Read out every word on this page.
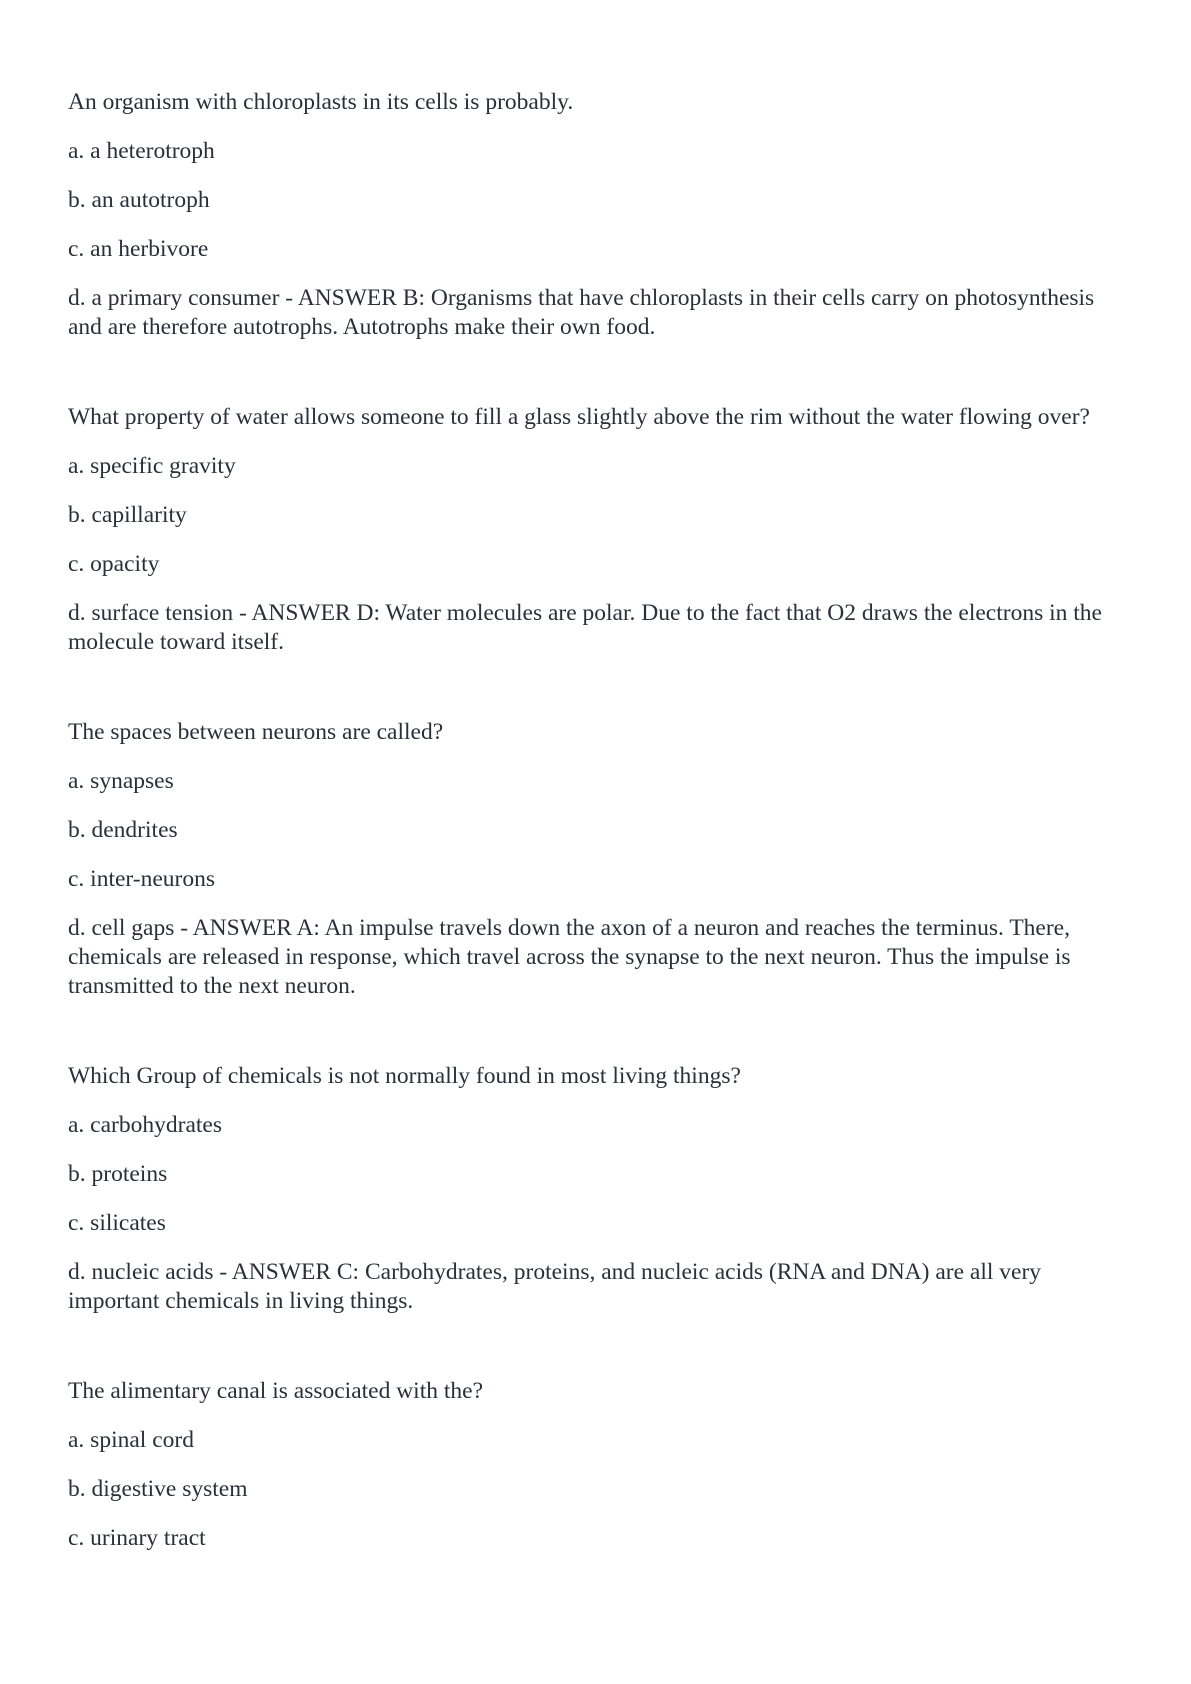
An organism with chloroplasts in its cells is probably.

a. a heterotroph

b. an autotroph

c. an herbivore

d. a primary consumer - ANSWER B: Organisms that have chloroplasts in their cells carry on photosynthesis and are therefore autotrophs. Autotrophs make their own food.

What property of water allows someone to fill a glass slightly above the rim without the water flowing over?

a. specific gravity

b. capillarity

c. opacity

d. surface tension - ANSWER D: Water molecules are polar. Due to the fact that O2 draws the electrons in the molecule toward itself.

The spaces between neurons are called?

a. synapses

b. dendrites

c. inter-neurons

d. cell gaps - ANSWER A: An impulse travels down the axon of a neuron and reaches the terminus. There, chemicals are released in response, which travel across the synapse to the next neuron. Thus the impulse is transmitted to the next neuron.

Which Group of chemicals is not normally found in most living things?

a. carbohydrates

b. proteins

c. silicates

d. nucleic acids - ANSWER C: Carbohydrates, proteins, and nucleic acids (RNA and DNA) are all very important chemicals in living things.

The alimentary canal is associated with the?

a. spinal cord

b. digestive system

c. urinary tract
